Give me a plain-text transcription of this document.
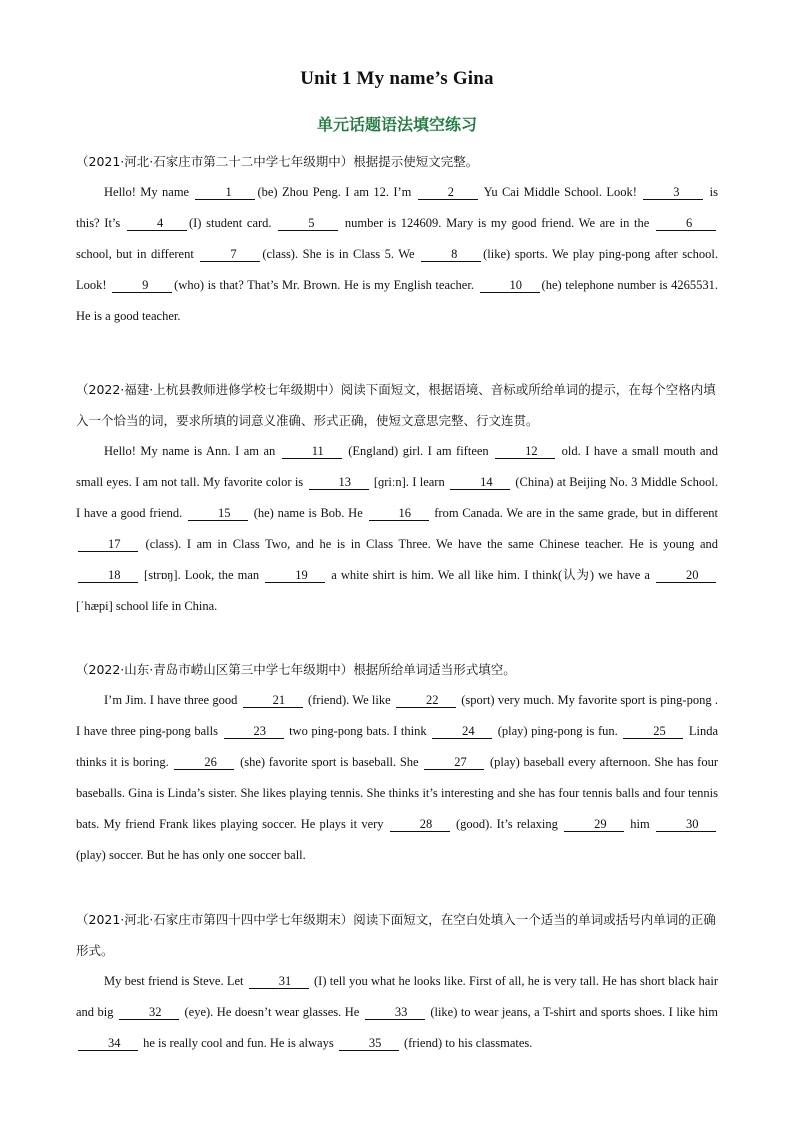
Unit 1 My name’s Gina
单元话题语法填空练习

（2021·河北·石家庄市第二十二中学七年级期中）根据提示使短文完整。

Hello! My name	1 (be) Zhou Peng. I am 12. I’m	2 Yu Cai Middle School. Look!	3 is this? It’s	4 (I) student card.	5 number is 124609. Mary is my good friend. We are in the	6 school, but in different	7 (class). She is in Class 5. We	8 (like) sports. We play ping-pong after school. Look!	9 (who) is that? That’s Mr. Brown. He is my English teacher.	10 (he) telephone number is 4265531. He is a good teacher.

（2022·福建·上杭县教师进修学校七年级期中）阅读下面短文，根据语境、音标或所给单词的提示，在每个空格内填入一个恰当的词，要求所填的词意义准确、形式正确，使短文意思完整、行文连贯。

Hello! My name is Ann. I am an	11 (England) girl. I am fifteen	12 old. I have a small mouth and small eyes. I am not tall. My favorite color is	13 [ɡriːn]. I learn	14 (China) at Beijing No. 3 Middle School. I have a good friend.	15 (he) name is Bob. He	16 from Canada. We are in the same grade, but in different 17 (class). I am in Class Two, and he is in Class Three. We have the same Chinese teacher. He is young and 18 [strɒŋ]. Look, the man	19 a white shirt is him. We all like him. I think(认为) we have a	20 [ˈhæpi] school life in China.

（2022·山东·青岛市崂山区第三中学七年级期中）根据所给单词适当形式填空。

I’m Jim. I have three good	21 (friend). We like	22 (sport) very much. My favorite sport is ping-pong . I have three ping-pong balls	23 two ping-pong bats. I think	24 (play) ping-pong is fun.	25 Linda thinks it is boring.	26 (she) favorite sport is baseball. She	27 (play) baseball every afternoon. She has four baseballs. Gina is Linda’s sister. She likes playing tennis. She thinks it’s interesting and she has four tennis balls and four tennis bats. My friend Frank likes playing soccer. He plays it very	28 (good). It’s relaxing	29 him	30 (play) soccer. But he has only one soccer ball.

（2021·河北·石家庄市第四十四中学七年级期末）阅读下面短文，在空白处填入一个适当的单词或括号内单词的正确形式。

My best friend is Steve. Let	31 (I) tell you what he looks like. First of all, he is very tall. He has short black hair and big	32 (eye). He doesn’t wear glasses. He	33 (like) to wear jeans, a T-shirt and sports shoes. I like him 34 he is really cool and fun. He is always	35 (friend) to his classmates.
